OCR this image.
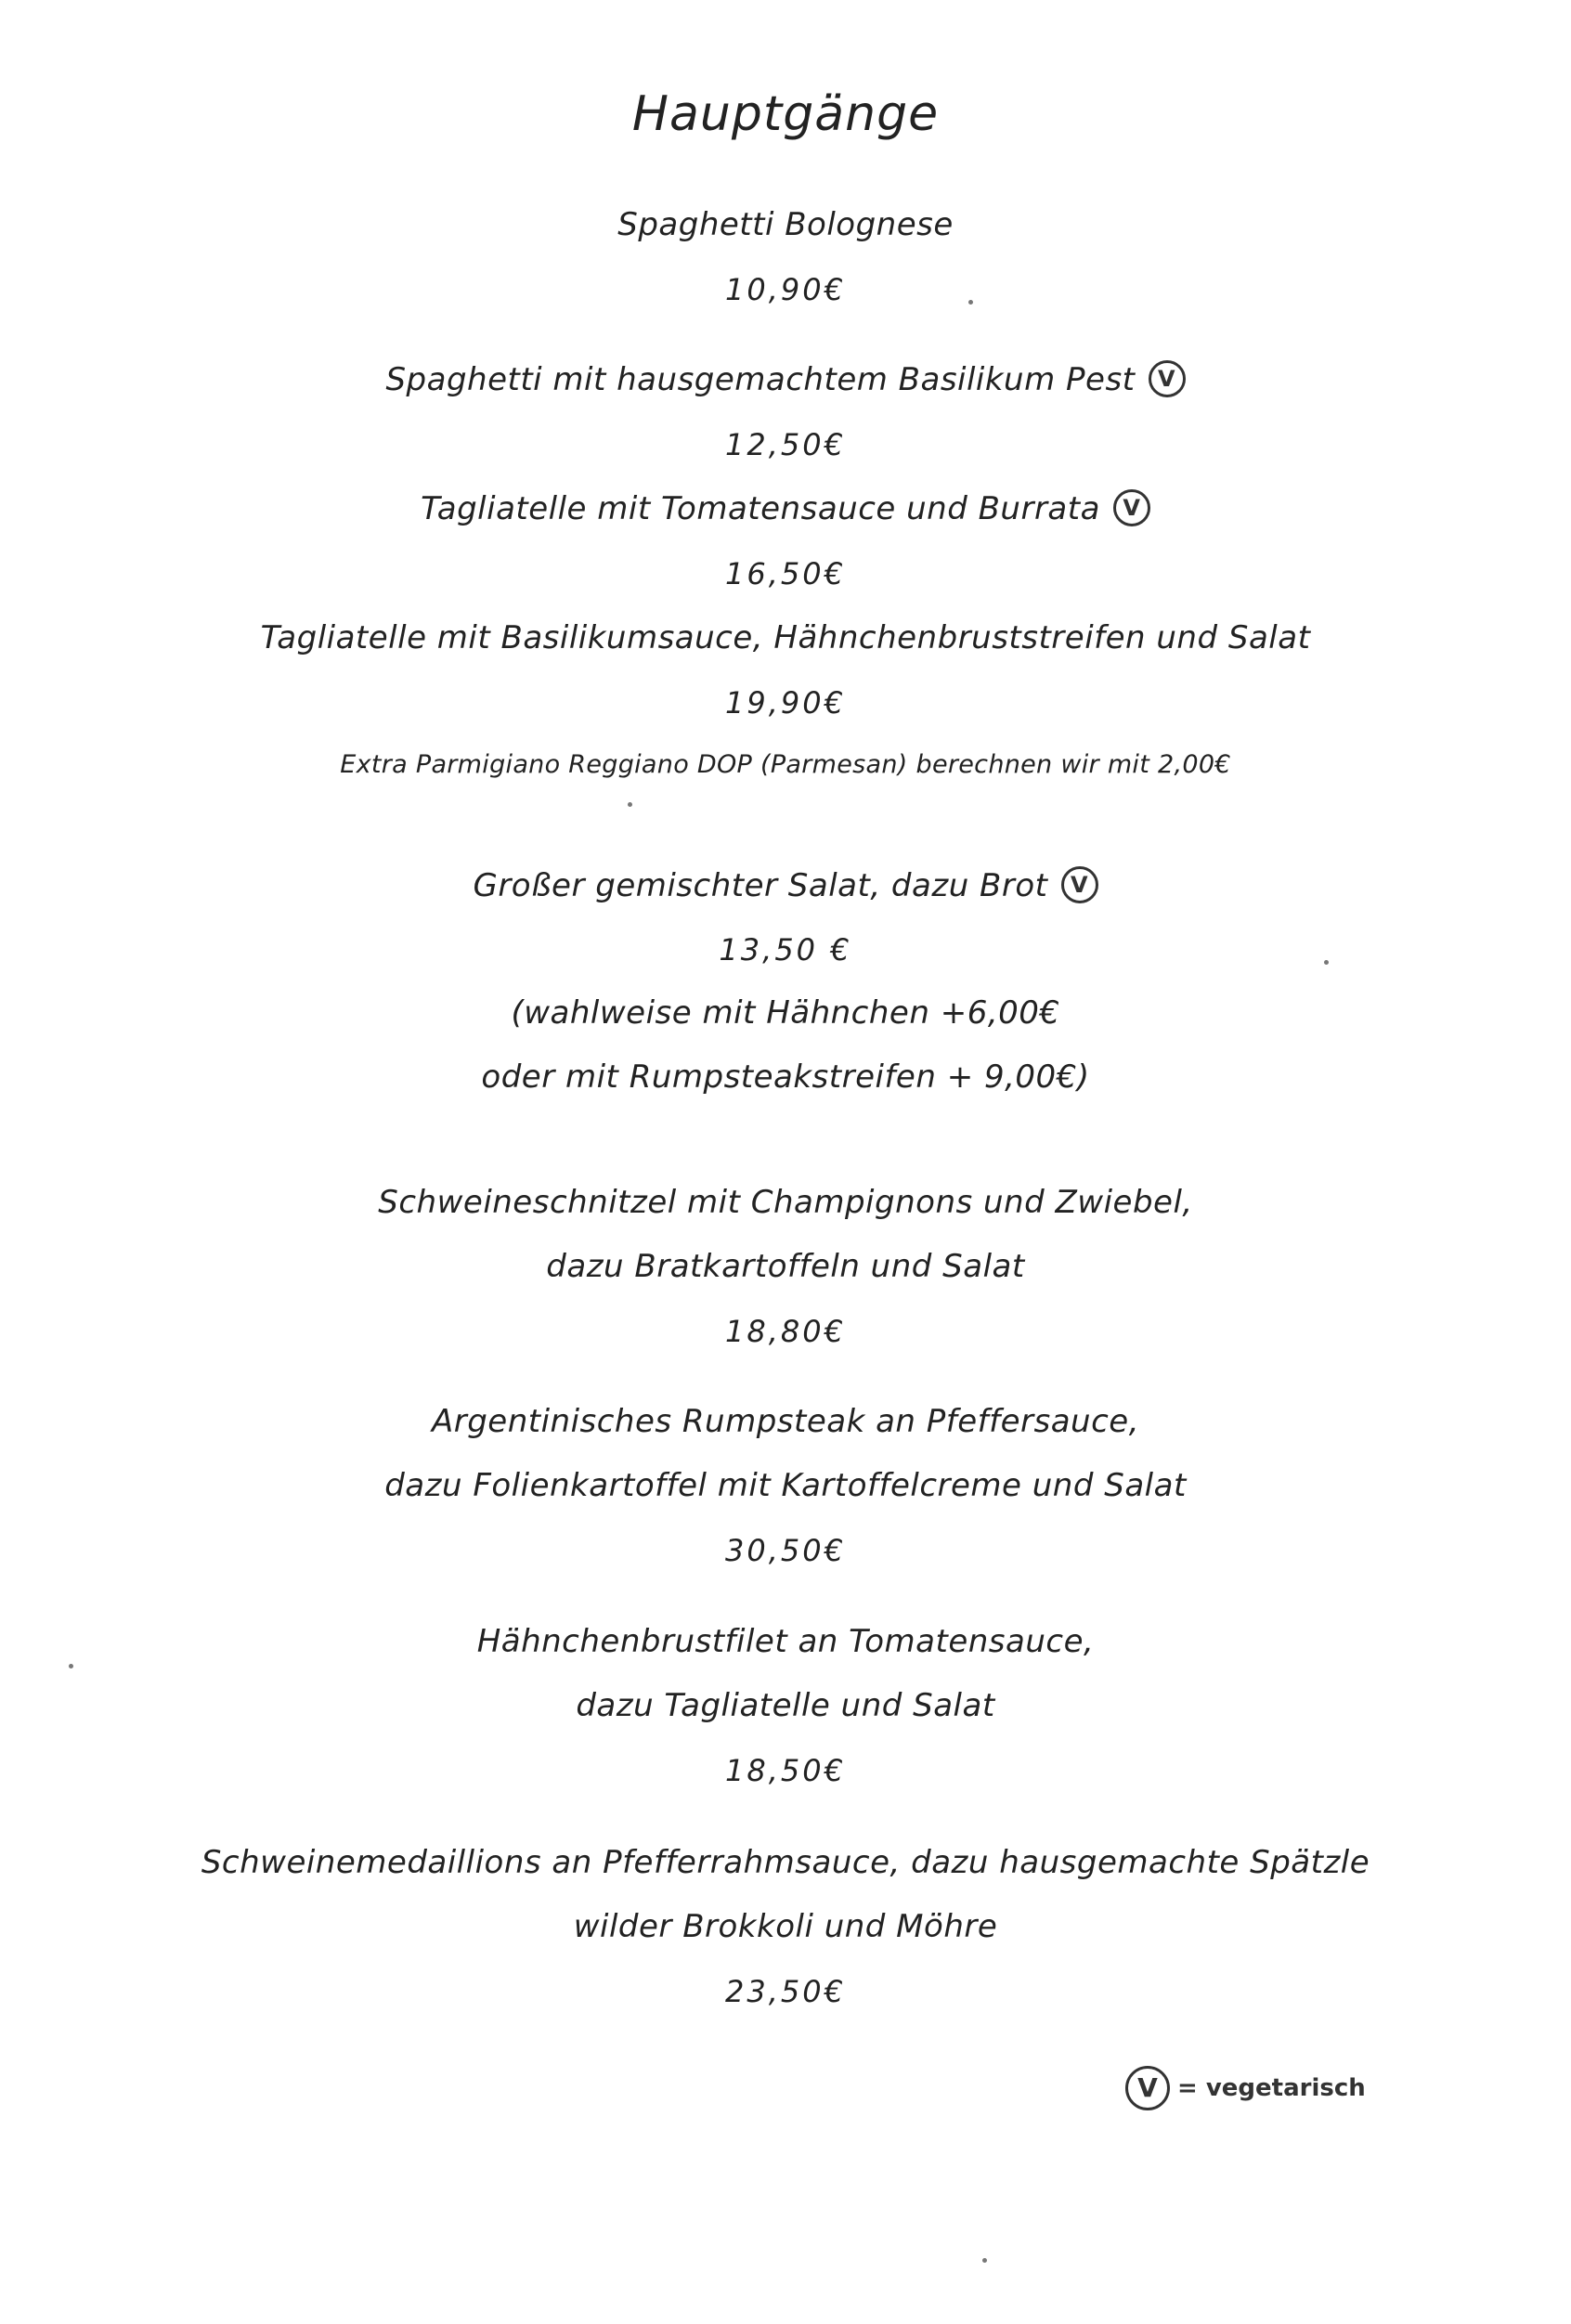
Hauptgänge
Spaghetti Bolognese
10,90€
Spaghetti mit hausgemachtem Basilikum Pest V
12,50€
Tagliatelle mit Tomatensauce und Burrata V
16,50€
Tagliatelle mit Basilikumsauce, Hähnchenbruststreifen und Salat
19,90€
Extra Parmigiano Reggiano DOP (Parmesan) berechnen wir mit 2,00€
Großer gemischter Salat, dazu Brot V
13,50 €
(wahlweise mit Hähnchen +6,00€
oder mit Rumpsteakstreifen + 9,00€)
Schweineschnitzel mit Champignons und Zwiebel,
dazu Bratkartoffeln und Salat
18,80€
Argentinisches Rumpsteak an Pfeffersauce,
dazu Folienkartoffel mit Kartoffelcreme und Salat
30,50€
Hähnchenbrustfilet an Tomatensauce,
dazu Tagliatelle und Salat
18,50€
Schweinemedaillions an Pfefferrahmsauce, dazu hausgemachte Spätzle
wilder Brokkoli und Möhre
23,50€
V = vegetarisch
